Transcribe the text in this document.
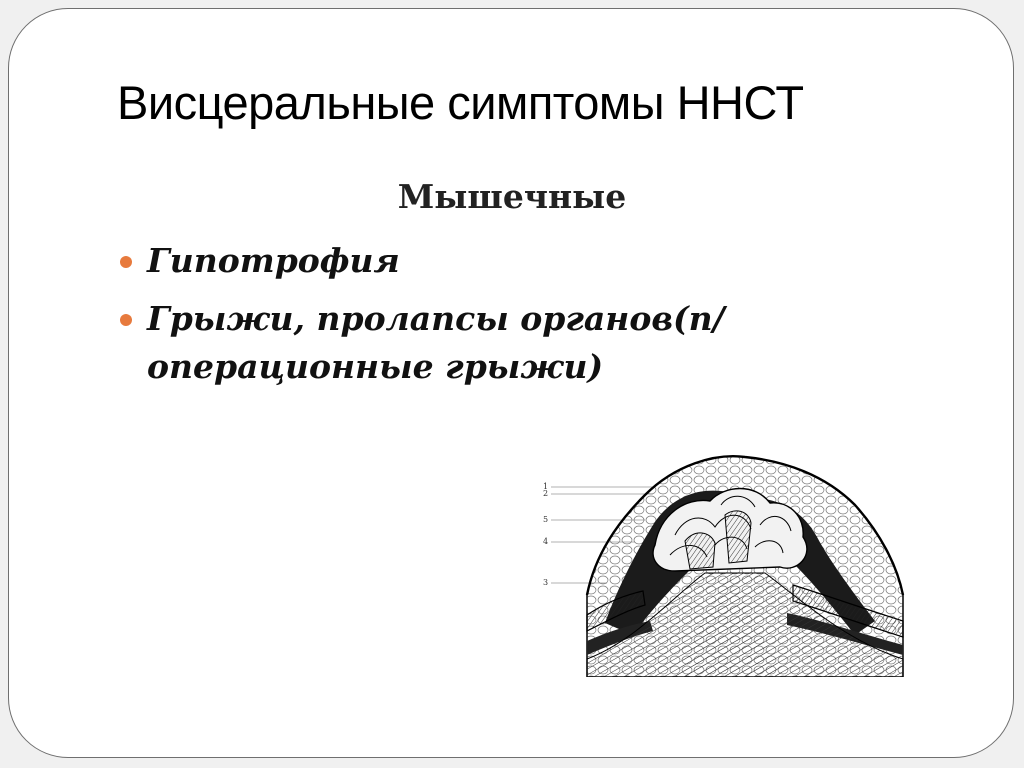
Висцеральные симптомы ННСТ
Мышечные
Гипотрофия
Грыжи, пролапсы органов(п/операционные грыжи)
1
2
5
4
3
